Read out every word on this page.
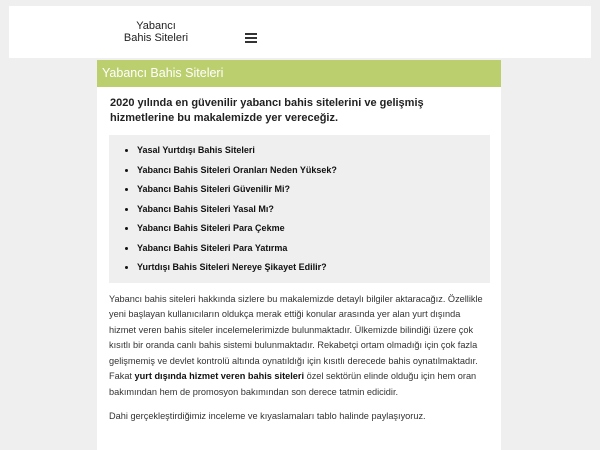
Yabancı
Bahis Siteleri
Yabancı Bahis Siteleri
2020 yılında en güvenilir yabancı bahis sitelerini ve gelişmiş hizmetlerine bu makalemizde yer vereceğiz.
• Yasal Yurtdışı Bahis Siteleri
• Yabancı Bahis Siteleri Oranları Neden Yüksek?
• Yabancı Bahis Siteleri Güvenilir Mi?
• Yabancı Bahis Siteleri Yasal Mı?
• Yabancı Bahis Siteleri Para Çekme
• Yabancı Bahis Siteleri Para Yatırma
• Yurtdışı Bahis Siteleri Nereye Şikayet Edilir?
Yabancı bahis siteleri hakkında sizlere bu makalemizde detaylı bilgiler aktaracağız. Özellikle yeni başlayan kullanıcıların oldukça merak ettiği konular arasında yer alan yurt dışında hizmet veren bahis siteler incelemelerimizde bulunmaktadır. Ülkemizde bilindiği üzere çok kısıtlı bir oranda canlı bahis sistemi bulunmaktadır. Rekabetçi ortam olmadığı için çok fazla gelişmemiş ve devlet kontrolü altında oynatıldığı için kısıtlı derecede bahis oynatılmaktadır. Fakat yurt dışında hizmet veren bahis siteleri özel sektörün elinde olduğu için hem oran bakımından hem de promosyon bakımından son derece tatmin edicidir.
Dahi gerçekleştirdiğimiz inceleme ve kıyaslamaları tablo halinde paylaşıyoruz.
